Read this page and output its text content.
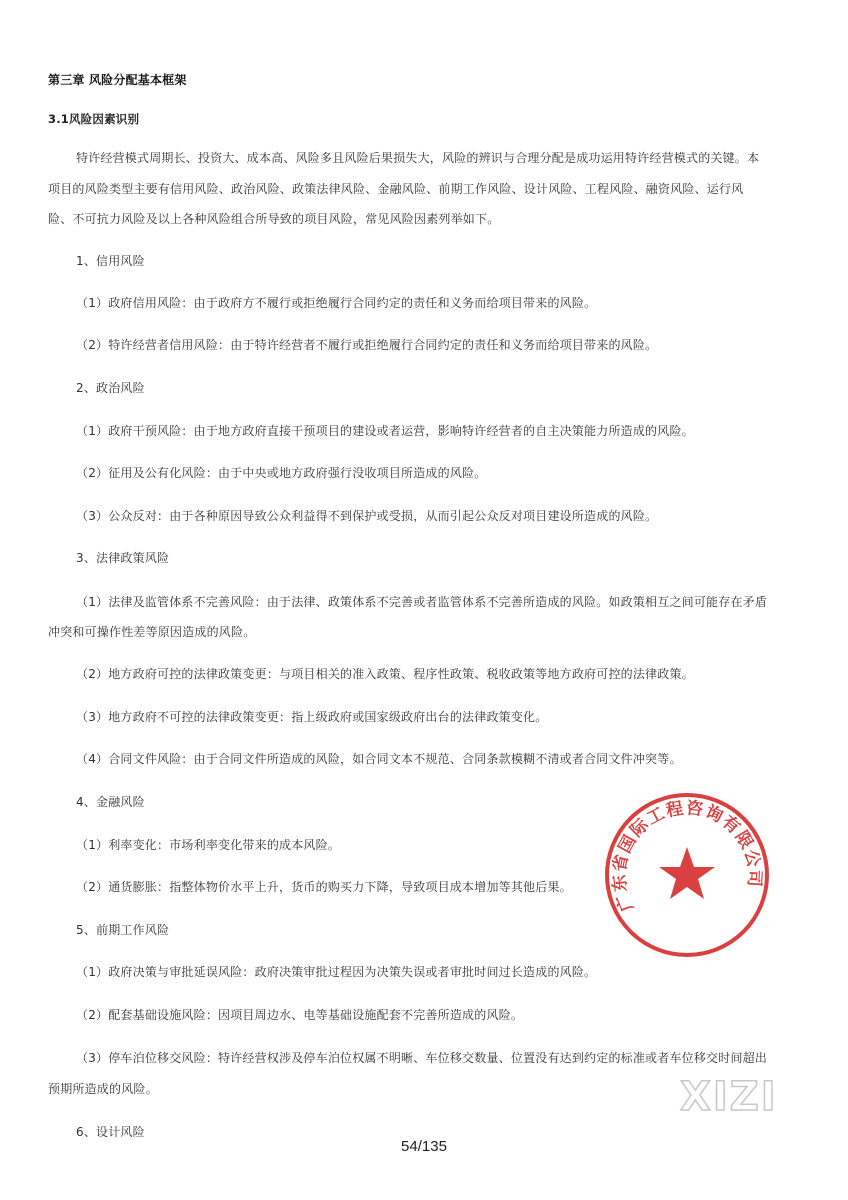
第三章 风险分配基本框架
3.1风险因素识别
特许经营模式周期长、投资大、成本高、风险多且风险后果损失大，风险的辨识与合理分配是成功运用特许经营模式的关键。本
项目的风险类型主要有信用风险、政治风险、政策法律风险、金融风险、前期工作风险、设计风险、工程风险、融资风险、运行风
险、不可抗力风险及以上各种风险组合所导致的项目风险，常见风险因素列举如下。
1、信用风险
（1）政府信用风险：由于政府方不履行或拒绝履行合同约定的责任和义务而给项目带来的风险。
（2）特许经营者信用风险：由于特许经营者不履行或拒绝履行合同约定的责任和义务而给项目带来的风险。
2、政治风险
（1）政府干预风险：由于地方政府直接干预项目的建设或者运营，影响特许经营者的自主决策能力所造成的风险。
（2）征用及公有化风险：由于中央或地方政府强行没收项目所造成的风险。
（3）公众反对：由于各种原因导致公众利益得不到保护或受损，从而引起公众反对项目建设所造成的风险。
3、法律政策风险
（1）法律及监管体系不完善风险：由于法律、政策体系不完善或者监管体系不完善所造成的风险。如政策相互之间可能存在矛盾
冲突和可操作性差等原因造成的风险。
（2）地方政府可控的法律政策变更：与项目相关的准入政策、程序性政策、税收政策等地方政府可控的法律政策。
（3）地方政府不可控的法律政策变更：指上级政府或国家级政府出台的法律政策变化。
（4）合同文件风险：由于合同文件所造成的风险，如合同文本不规范、合同条款模糊不清或者合同文件冲突等。
4、金融风险
（1）利率变化：市场利率变化带来的成本风险。
（2）通货膨胀：指整体物价水平上升，货币的购买力下降，导致项目成本增加等其他后果。
5、前期工作风险
（1）政府决策与审批延误风险：政府决策审批过程因为决策失误或者审批时间过长造成的风险。
（2）配套基础设施风险：因项目周边水、电等基础设施配套不完善所造成的风险。
（3）停车泊位移交风险：特许经营权涉及停车泊位权属不明晰、车位移交数量、位置没有达到约定的标准或者车位移交时间超出
预期所造成的风险。
6、设计风险
广东省国际工程咨询有限公司
XIZI
54/135
